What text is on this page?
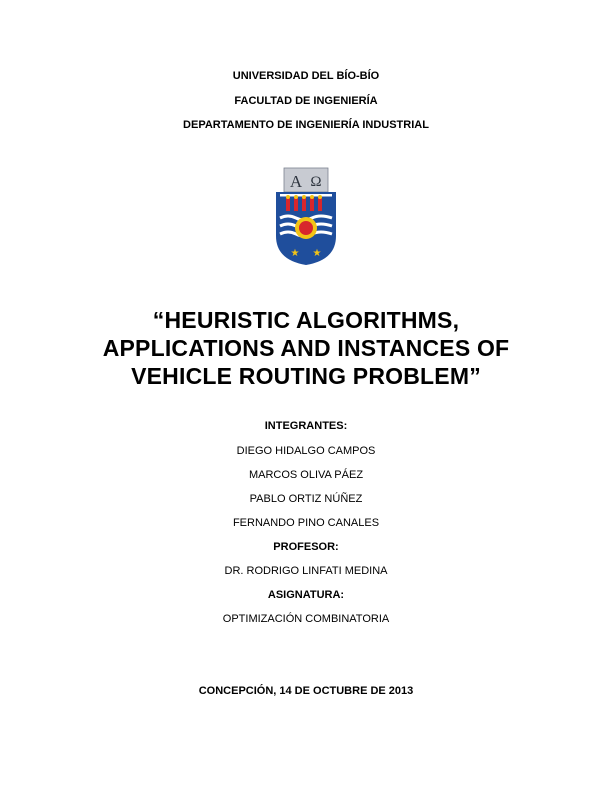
UNIVERSIDAD DEL BÍO-BÍO
FACULTAD DE INGENIERÍA
DEPARTAMENTO DE INGENIERÍA INDUSTRIAL
A Ω
★ ★
“HEURISTIC ALGORITHMS,
APPLICATIONS AND INSTANCES OF
VEHICLE ROUTING PROBLEM”
INTEGRANTES:
DIEGO HIDALGO CAMPOS
MARCOS OLIVA PÁEZ
PABLO ORTIZ NÚÑEZ
FERNANDO PINO CANALES
PROFESOR:
DR. RODRIGO LINFATI MEDINA
ASIGNATURA:
OPTIMIZACIÓN COMBINATORIA
CONCEPCIÓN, 14 DE OCTUBRE DE 2013
